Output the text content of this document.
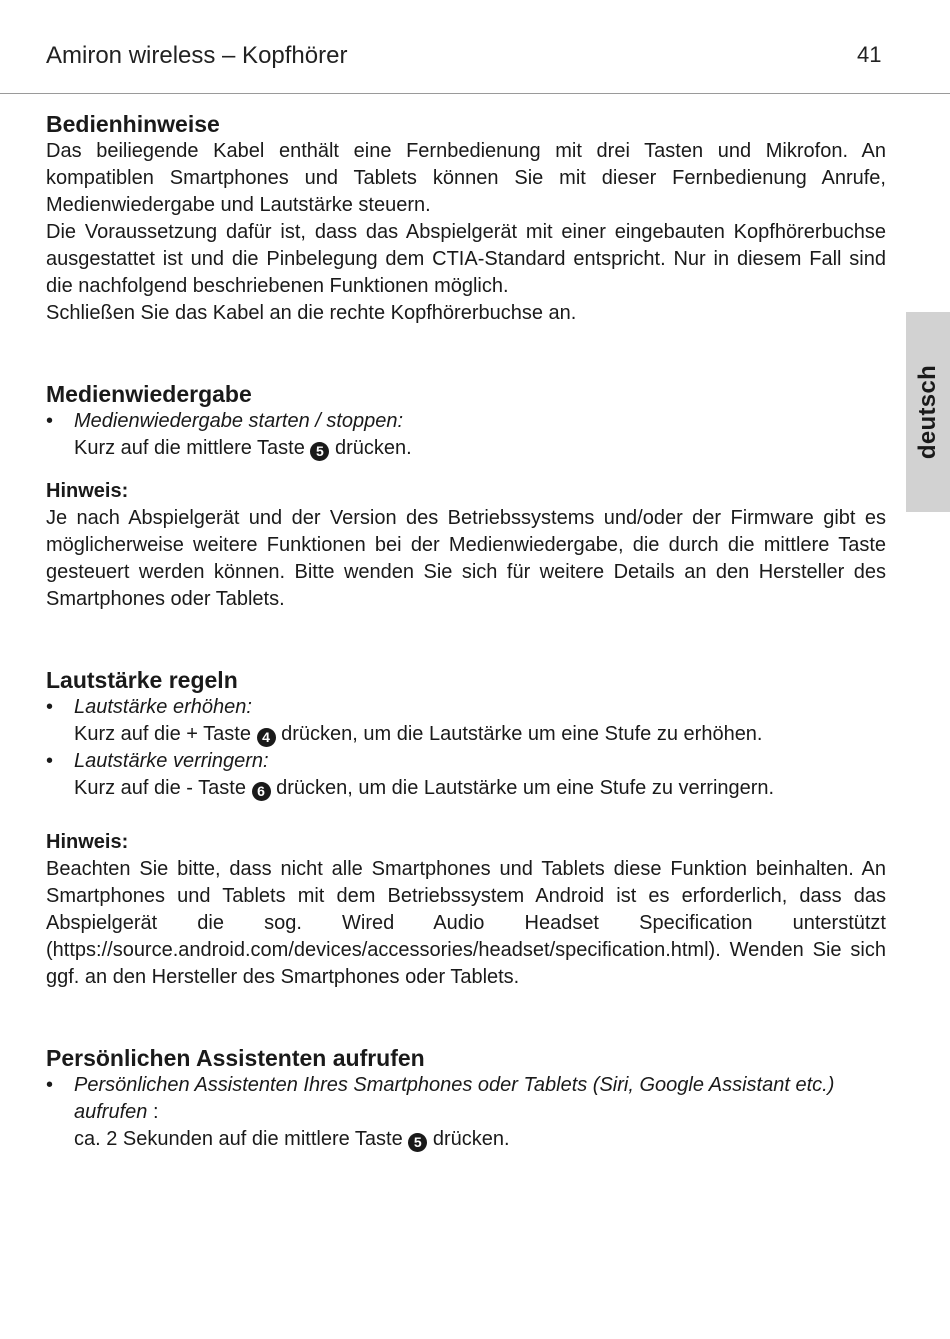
Amiron wireless – Kopfhörer	41
deutsch
Bedienhinweise

Das beiliegende Kabel enthält eine Fernbedienung mit drei Tasten und Mikrofon. An kompatiblen Smartphones und Tablets können Sie mit dieser Fernbedienung Anrufe, Medienwiedergabe und Lautstärke steuern.

Die Voraussetzung dafür ist, dass das Abspielgerät mit einer eingebauten Kopfhörerbuchse ausgestattet ist und die Pinbelegung dem CTIA-Standard entspricht. Nur in diesem Fall sind die nachfolgend beschriebenen Funktionen möglich.

Schließen Sie das Kabel an die rechte Kopfhörerbuchse an.

Medienwiedergabe
• Medienwiedergabe starten / stoppen:
Kurz auf die mittlere Taste 5 drücken.
Hinweis:

Je nach Abspielgerät und der Version des Betriebssystems und/oder der Firmware gibt es möglicherweise weitere Funktionen bei der Medienwiedergabe, die durch die mittlere Taste gesteuert werden können. Bitte wenden Sie sich für weitere Details an den Hersteller des Smartphones oder Tablets.

Lautstärke regeln
• Lautstärke erhöhen:
Kurz auf die + Taste 4 drücken, um die Lautstärke um eine Stufe zu erhöhen.
• Lautstärke verringern:
Kurz auf die - Taste 6 drücken, um die Lautstärke um eine Stufe zu verringern.
Hinweis:

Beachten Sie bitte, dass nicht alle Smartphones und Tablets diese Funktion beinhalten. An Smartphones und Tablets mit dem Betriebssystem Android ist es erforderlich, dass das Abspielgerät die sog. Wired Audio Headset Specification unterstützt (https://source.android.com/devices/accessories/headset/specification.html). Wenden Sie sich ggf. an den Hersteller des Smartphones oder Tablets.

Persönlichen Assistenten aufrufen
• Persönlichen Assistenten Ihres Smartphones oder Tablets (Siri, Google Assistant etc.) aufrufen :
ca. 2 Sekunden auf die mittlere Taste 5 drücken.
